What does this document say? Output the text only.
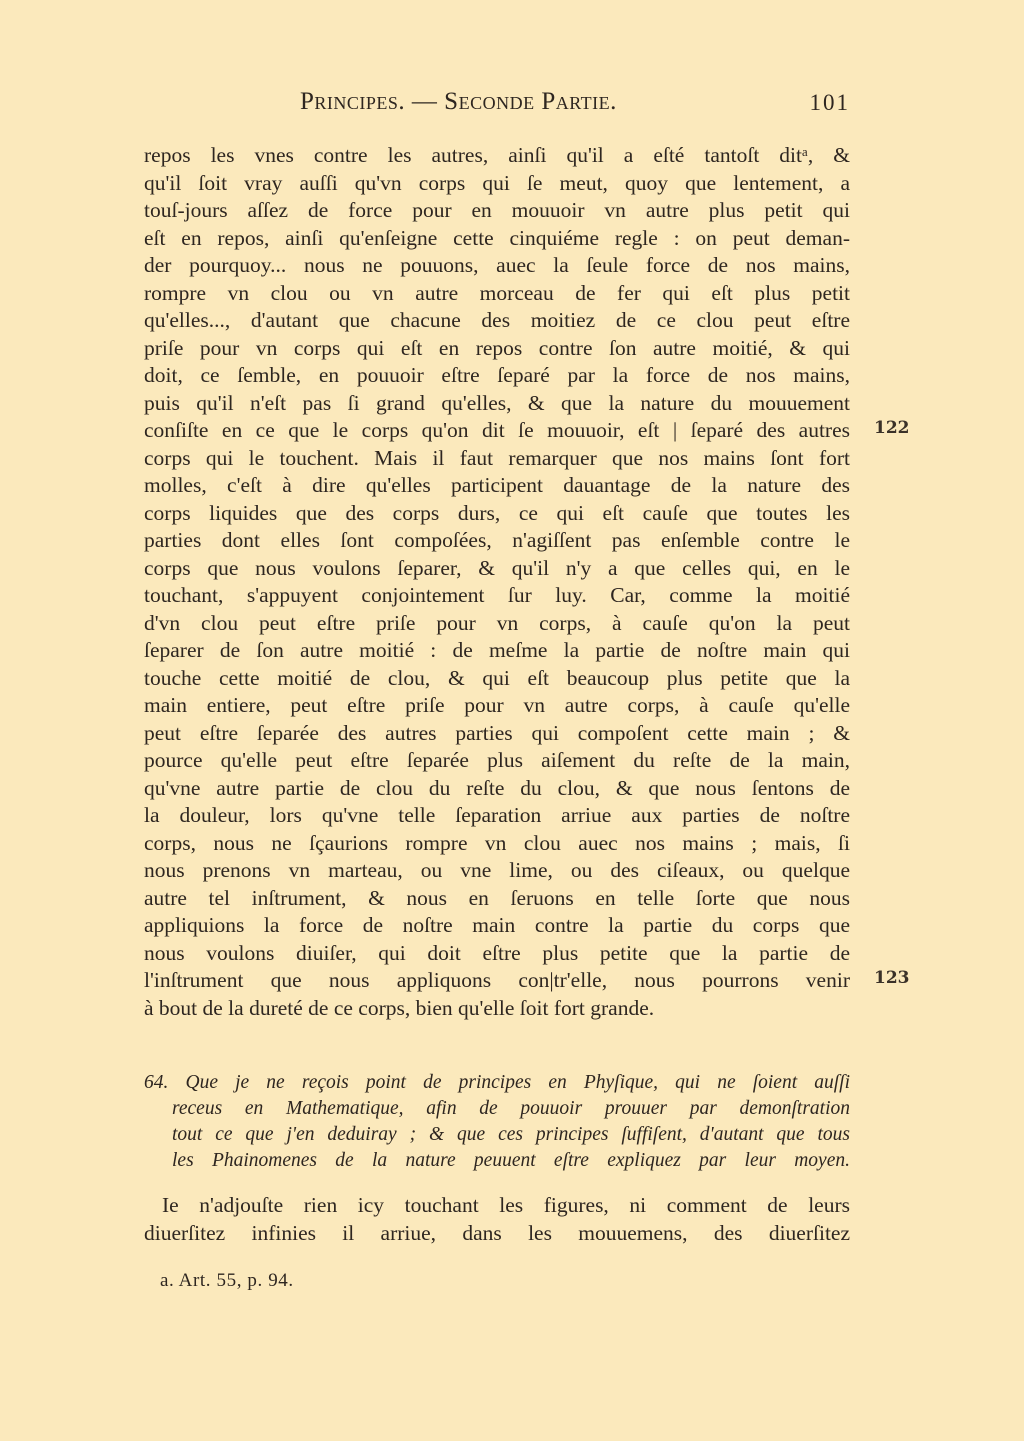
Principes. — Seconde Partie.	101
repos les vnes contre les autres, ainſi qu'il a eſté tantoſt ditᵃ, &
qu'il ſoit vray auſſi qu'vn corps qui ſe meut, quoy que lentement, a
touſ-jours aſſez de force pour en mouuoir vn autre plus petit qui
eſt en repos, ainſi qu'enſeigne cette cinquiéme regle : on peut deman-
der pourquoy... nous ne pouuons, auec la ſeule force de nos mains,
rompre vn clou ou vn autre morceau de fer qui eſt plus petit
qu'elles..., d'autant que chacune des moitiez de ce clou peut eſtre
priſe pour vn corps qui eſt en repos contre ſon autre moitié, & qui
doit, ce ſemble, en pouuoir eſtre ſeparé par la force de nos mains,
puis qu'il n'eſt pas ſi grand qu'elles, & que la nature du mouuement
conſiſte en ce que le corps qu'on dit ſe mouuoir, eſt | ſeparé des autres 122
corps qui le touchent. Mais il faut remarquer que nos mains ſont fort
molles, c'eſt à dire qu'elles participent dauantage de la nature des
corps liquides que des corps durs, ce qui eſt cauſe que toutes les
parties dont elles ſont compoſées, n'agiſſent pas enſemble contre le
corps que nous voulons ſeparer, & qu'il n'y a que celles qui, en le
touchant, s'appuyent conjointement ſur luy. Car, comme la moitié
d'vn clou peut eſtre priſe pour vn corps, à cauſe qu'on la peut
ſeparer de ſon autre moitié : de meſme la partie de noſtre main qui
touche cette moitié de clou, & qui eſt beaucoup plus petite que la
main entiere, peut eſtre priſe pour vn autre corps, à cauſe qu'elle
peut eſtre ſeparée des autres parties qui compoſent cette main ; &
pource qu'elle peut eſtre ſeparée plus aiſement du reſte de la main,
qu'vne autre partie de clou du reſte du clou, & que nous ſentons de
la douleur, lors qu'vne telle ſeparation arriue aux parties de noſtre
corps, nous ne ſçaurions rompre vn clou auec nos mains ; mais, ſi
nous prenons vn marteau, ou vne lime, ou des ciſeaux, ou quelque
autre tel inſtrument, & nous en ſeruons en telle ſorte que nous
appliquions la force de noſtre main contre la partie du corps que
nous voulons diuiſer, qui doit eſtre plus petite que la partie de
l'inſtrument que nous appliquons con|tr'elle, nous pourrons venir 123
à bout de la dureté de ce corps, bien qu'elle ſoit fort grande.
64. Que je ne reçois point de principes en Phyſique, qui ne ſoient auſſi
receus en Mathematique, afin de pouuoir prouuer par demonſtration
tout ce que j'en deduiray ; & que ces principes ſuffiſent, d'autant que tous
les Phainomenes de la nature peuuent eſtre expliquez par leur moyen.
Ie n'adjouſte rien icy touchant les figures, ni comment de leurs
diuerſitez infinies il arriue, dans les mouuemens, des diuerſitez
a. Art. 55, p. 94.
